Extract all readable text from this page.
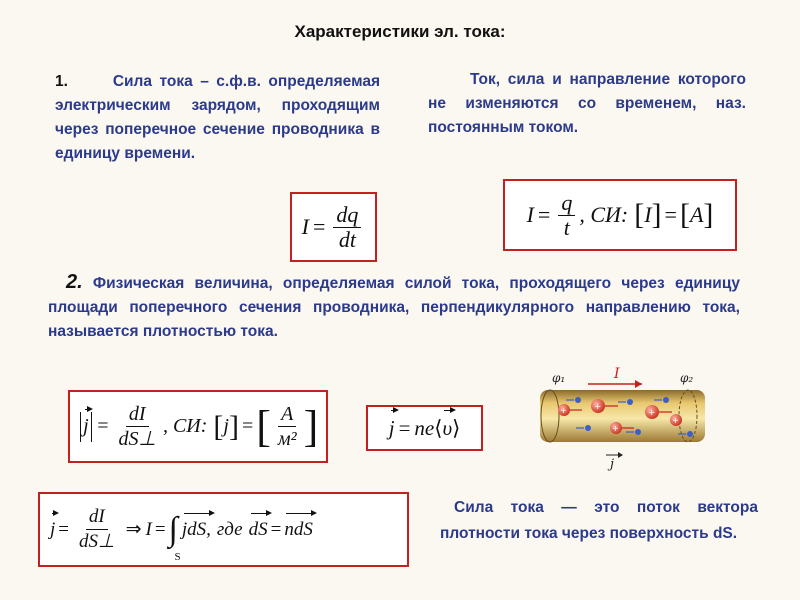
Характеристики эл. тока:
1.	Сила тока – с.ф.в. определяемая электрическим зарядом, проходящим через поперечное сечение проводника в единицу времени.
Ток, сила и направление которого не изменяются со временем, наз. постоянным током.
$I = \frac{dq}{dt}$	$I = \frac{q}{t}$ , СИ: [ I ] = [ A ]
2. Физическая величина, определяемая силой тока, проходящего через единицу площади поперечного сечения проводника, перпендикулярного направлению тока, называется плотностью тока.
$j = \frac{dI}{dS\perp}$ , СИ: [ j ] = [ $\frac{A}{\text{м²}}$ ]	j = ne ⟨ υ ⟩
φ₁	φ₂
I
+	+
+
+
+
j
$j = \frac{dI}{dS\perp}$ ⇒ I = ∫
S
jdS, где dS = ndS
Сила тока — это поток вектора плотности тока через поверхность dS.
